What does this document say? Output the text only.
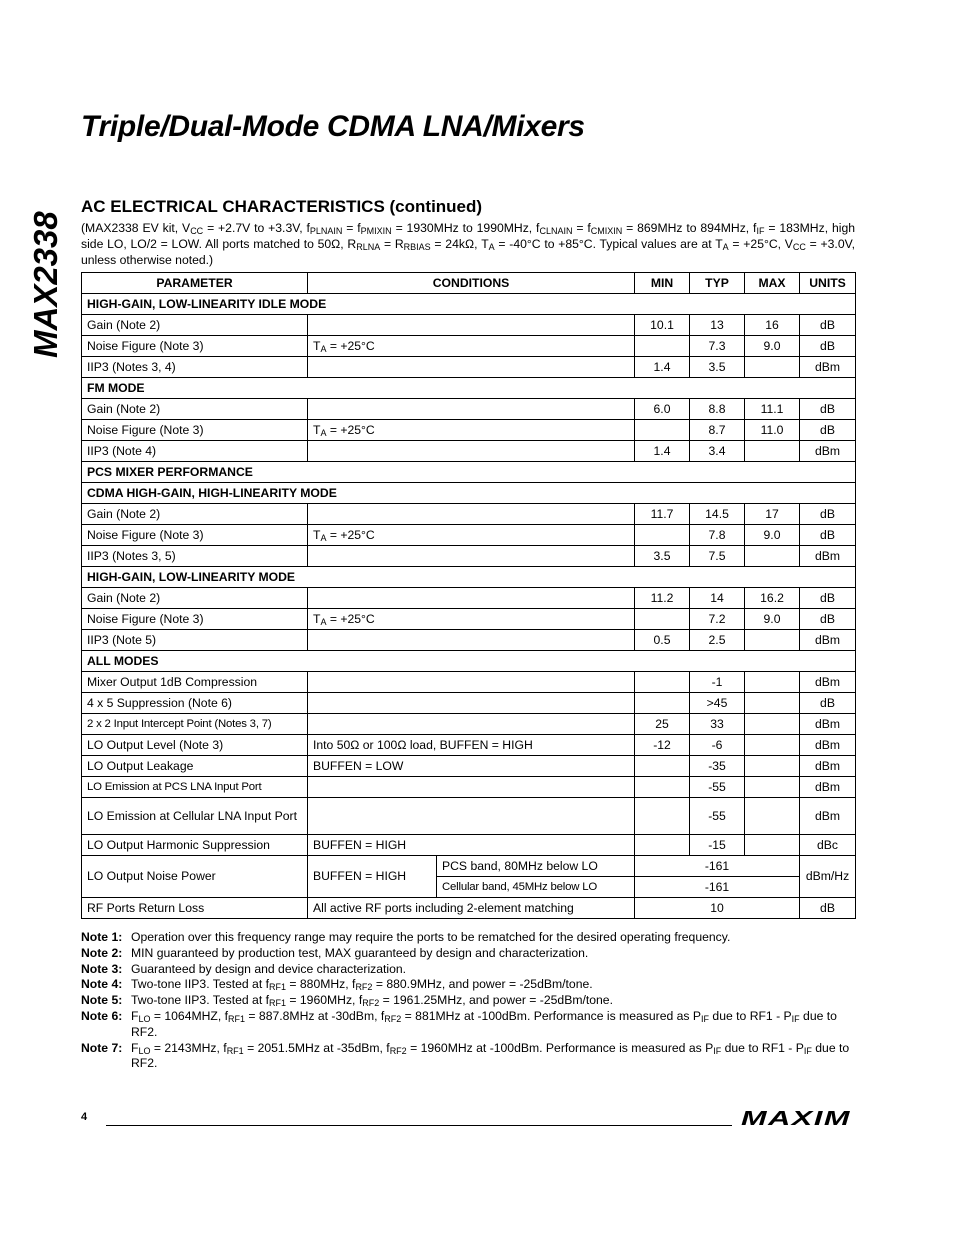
MAX2338
Triple/Dual-Mode CDMA LNA/Mixers
AC ELECTRICAL CHARACTERISTICS (continued)

(MAX2338 EV kit, $V_{CC} = +2.7V$ to +3.3V, $f_{PLNAIN} = f_{PMIXIN} = 1930MHz$ to 1990MHz, $f_{CLNAIN} = f_{CMIXIN} = 869MHz$ to 894MHz, $f_{IF} = 183MHz$, high side LO, LO/2 = LOW. All ports matched to 50Ω, $R_{RLNA} = R_{RBIAS} = 24k\Omega$, $T_A = -40^\circ C$ to +85°C. Typical values are at $T_A = +25^\circ C$, $V_{CC} = +3.0V$, unless otherwise noted.)

PARAMETER	CONDITIONS		MIN	TYP	MAX	UNITS
HIGH-GAIN, LOW-LINEARITY IDLE MODE						
Gain (Note 2)			10.1	13	16	dB
Noise Figure (Note 3)	$T_A = +25^\circ C$			7.3	9.0	dB
IIP3 (Notes 3, 4)			1.4	3.5		dBm
FM MODE						
Gain (Note 2)			6.0	8.8	11.1	dB
Noise Figure (Note 3)	$T_A = +25^\circ C$			8.7	11.0	dB
IIP3 (Note 4)			1.4	3.4		dBm
PCS MIXER PERFORMANCE						
CDMA HIGH-GAIN, HIGH-LINEARITY MODE						
Gain (Note 2)			11.7	14.5	17	dB
Noise Figure (Note 3)	$T_A = +25^\circ C$			7.8	9.0	dB
IIP3 (Notes 3, 5)			3.5	7.5		dBm
HIGH-GAIN, LOW-LINEARITY MODE						
Gain (Note 2)			11.2	14	16.2	dB
Noise Figure (Note 3)	$T_A = +25^\circ C$			7.2	9.0	dB
IIP3 (Note 5)			0.5	2.5		dBm
ALL MODES						
Mixer Output 1dB Compression				-1		dBm
4 x 5 Suppression (Note 6)				>45		dB
2 x 2 Input Intercept Point (Notes 3, 7)			25	33		dBm
LO Output Level (Note 3)	Into 50Ω or 100Ω load, BUFFEN = HIGH		-12	-6		dBm
LO Output Leakage	BUFFEN = LOW			-35		dBm
LO Emission at PCS LNA Input Port				-55		dBm
LO Emission at Cellular LNA Input Port				-55		dBm
LO Output Harmonic Suppression	BUFFEN = HIGH			-15		dBc
LO Output Noise Power	BUFFEN = HIGH	PCS band, 80MHz below LO		-161		dBm/Hz
		Cellular band, 45MHz below LO		-161		
RF Ports Return Loss	All active RF ports including 2-element matching			10		dB
Note 1: Operation over this frequency range may require the ports to be rematched for the desired operating frequency.
Note 2: MIN guaranteed by production test, MAX guaranteed by design and characterization.
Note 3: Guaranteed by design and device characterization.
Note 4: Two-tone IIP3. Tested at $f_{RF1} = 880MHz$, $f_{RF2} = 880.9MHz$, and power = -25dBm/tone.
Note 5: Two-tone IIP3. Tested at $f_{RF1} = 1960MHz$, $f_{RF2} = 1961.25MHz$, and power = -25dBm/tone.
Note 6: $F_{LO} = 1064MHZ$, $f_{RF1} = 887.8MHz$ at -30dBm, $f_{RF2} = 881MHz$ at -100dBm. Performance is measured as $P_{IF}$ due to $RF1 - P_{IF}$ due to RF2.
Note 7: $F_{LO} = 2143MHz$, $f_{RF1} = 2051.5MHz$ at -35dBm, $f_{RF2} = 1960MHz$ at -100dBm. Performance is measured as $P_{IF}$ due to $RF1 - P_{IF}$ due to RF2.
4	MAXIM
